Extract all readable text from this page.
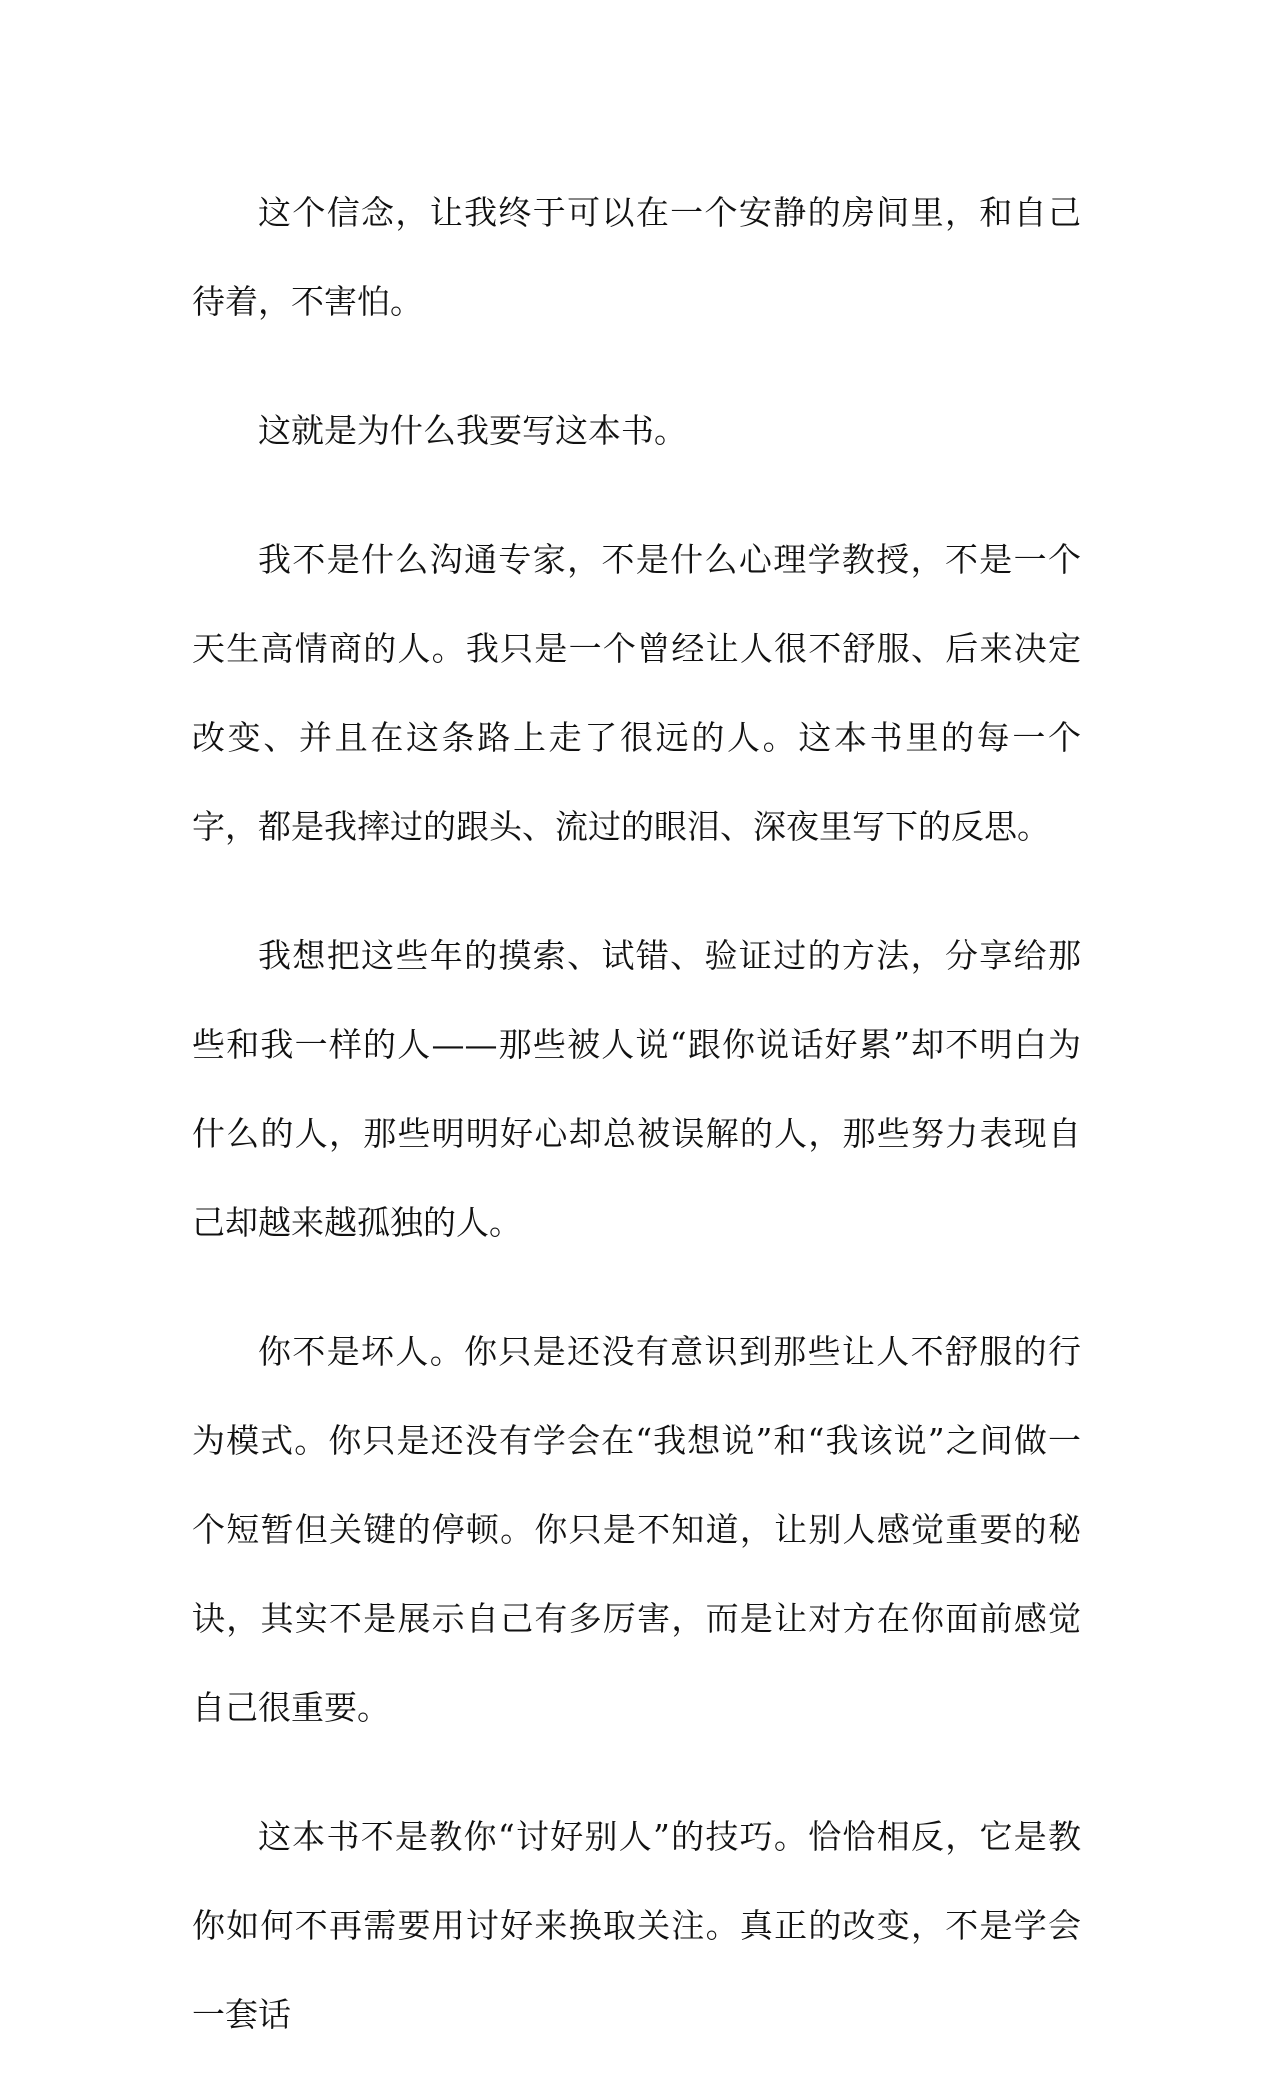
这个信念，让我终于可以在一个安静的房间里，和自己待着，不害怕。

这就是为什么我要写这本书。

我不是什么沟通专家，不是什么心理学教授，不是一个天生高情商的人。我只是一个曾经让人很不舒服、后来决定改变、并且在这条路上走了很远的人。这本书里的每一个字，都是我摔过的跟头、流过的眼泪、深夜里写下的反思。

我想把这些年的摸索、试错、验证过的方法，分享给那些和我一样的人——那些被人说“跟你说话好累”却不明白为什么的人，那些明明好心却总被误解的人，那些努力表现自己却越来越孤独的人。

你不是坏人。你只是还没有意识到那些让人不舒服的行为模式。你只是还没有学会在“我想说”和“我该说”之间做一个短暂但关键的停顿。你只是不知道，让别人感觉重要的秘诀，其实不是展示自己有多厉害，而是让对方在你面前感觉自己很重要。

这本书不是教你“讨好别人”的技巧。恰恰相反，它是教你如何不再需要用讨好来换取关注。真正的改变，不是学会一套话
